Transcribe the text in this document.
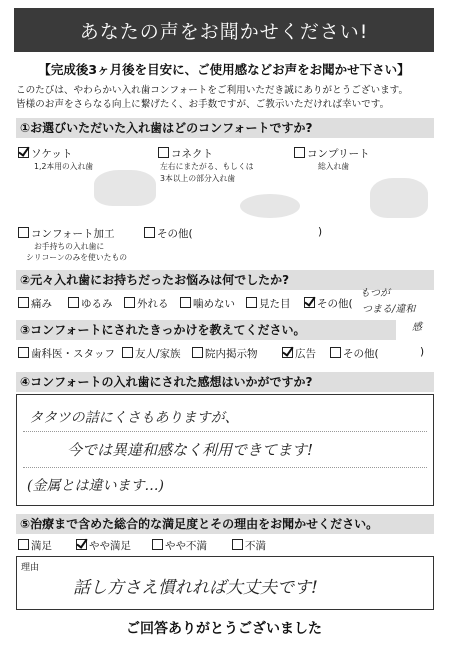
あなたの声をお聞かせください!
【完成後3ヶ月後を目安に、ご使用感などお声をお聞かせ下さい】
このたびは、やわらかい入れ歯コンフォートをご利用いただき誠にありがとうございます。
皆様のお声をさらなる向上に繋げたく、お手数ですが、ご教示いただければ幸いです。
①お選びいただいた入れ歯はどのコンフォートですか?
ソケット
1,2本用の入れ歯
コネクト
左右にまたがる、もしくは
3本以上の部分入れ歯
コンプリート
総入れ歯
コンフォート加工
お手持ちの入れ歯に
シリコーンのみを使いたもの
その他(	)
②元々入れ歯にお持ちだったお悩みは何でしたか?
痛み	ゆるみ	外れる	噛めない	見た目	その他(
もつが
つまる/違和
感
③コンフォートにされたきっかけを教えてください。
歯科医・スタッフ	友人/家族	院内掲示物	広告	その他(	)
④コンフォートの入れ歯にされた感想はいかがですか?
タタツの詰にくさもありますが、
今では異違和感なく利用できてます!
(金属とは違います…)
⑤治療まで含めた総合的な満足度とその理由をお聞かせください。
満足	やや満足	やや不満	不満
理由
話し方さえ慣れれば大丈夫です!
ご回答ありがとうございました
